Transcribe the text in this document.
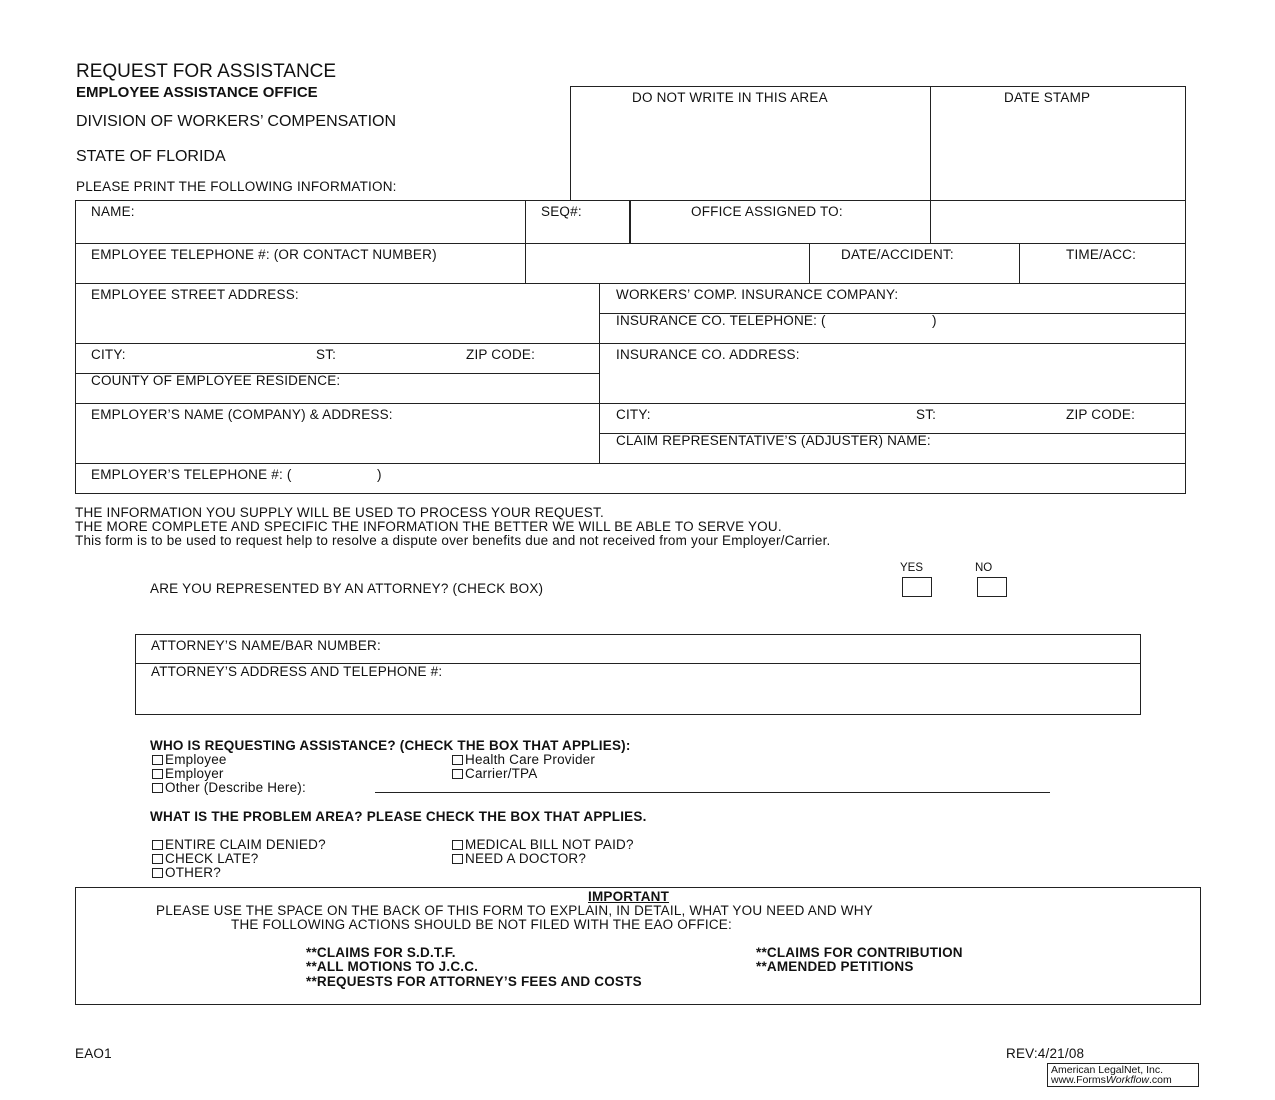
REQUEST FOR ASSISTANCE
EMPLOYEE ASSISTANCE OFFICE
DIVISION OF WORKERS’ COMPENSATION
STATE OF FLORIDA
PLEASE PRINT THE FOLLOWING INFORMATION:
DO NOT WRITE IN THIS AREA	DATE STAMP
NAME:	SEQ#:	OFFICE ASSIGNED TO:
EMPLOYEE TELEPHONE #: (OR CONTACT NUMBER)	DATE/ACCIDENT:	TIME/ACC:
EMPLOYEE STREET ADDRESS:	WORKERS’ COMP. INSURANCE COMPANY:
INSURANCE CO. TELEPHONE: (	)
CITY:	ST:	ZIP CODE:	INSURANCE CO. ADDRESS:
COUNTY OF EMPLOYEE RESIDENCE:
EMPLOYER’S NAME (COMPANY) & ADDRESS:	CITY:	ST:	ZIP CODE:
CLAIM REPRESENTATIVE’S (ADJUSTER) NAME:
EMPLOYER’S TELEPHONE #: (	)
THE INFORMATION YOU SUPPLY WILL BE USED TO PROCESS YOUR REQUEST.
THE MORE COMPLETE AND SPECIFIC THE INFORMATION THE BETTER WE WILL BE ABLE TO SERVE YOU.
This form is to be used to request help to resolve a dispute over benefits due and not received from your Employer/Carrier.
YES	NO
ARE YOU REPRESENTED BY AN ATTORNEY? (CHECK BOX)
ATTORNEY’S NAME/BAR NUMBER:
ATTORNEY’S ADDRESS AND TELEPHONE #:
WHO IS REQUESTING ASSISTANCE? (CHECK THE BOX THAT APPLIES):
Employee	Health Care Provider
Employer	Carrier/TPA
Other (Describe Here):
WHAT IS THE PROBLEM AREA? PLEASE CHECK THE BOX THAT APPLIES.
ENTIRE CLAIM DENIED?	MEDICAL BILL NOT PAID?
CHECK LATE?	NEED A DOCTOR?
OTHER?
IMPORTANT
PLEASE USE THE SPACE ON THE BACK OF THIS FORM TO EXPLAIN, IN DETAIL, WHAT YOU NEED AND WHY
THE FOLLOWING ACTIONS SHOULD BE NOT FILED WITH THE EAO OFFICE:
**CLAIMS FOR S.D.T.F.
**ALL MOTIONS TO J.C.C.
**REQUESTS FOR ATTORNEY’S FEES AND COSTS
**CLAIMS FOR CONTRIBUTION
**AMENDED PETITIONS
EAO1	REV:4/21/08
American LegalNet, Inc.
www.FormsWorkflow.com
